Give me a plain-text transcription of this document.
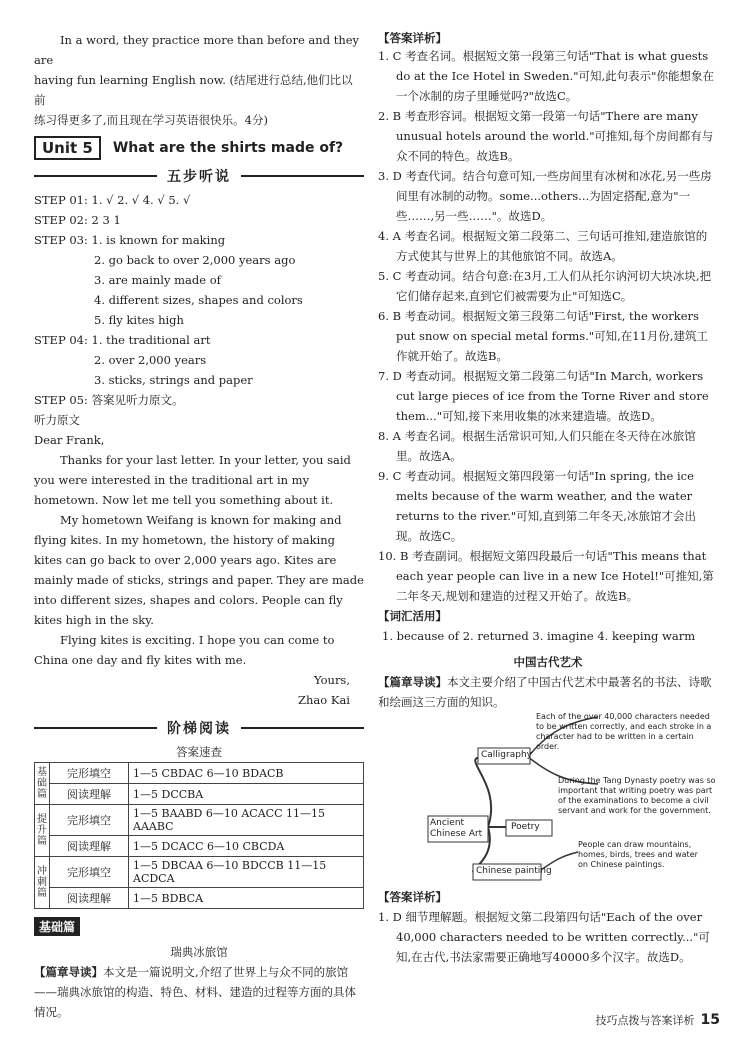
In a word, they practice more than before and they are

having fun learning English now. (结尾进行总结,他们比以前

练习得更多了,而且现在学习英语很快乐。4分)

Unit 5	What are the shirts made of?
五步听说

STEP 01: 1. √ 2. √ 4. √ 5. √

STEP 02: 2 3 1

STEP 03: 1. is known for making

2. go back to over 2,000 years ago

3. are mainly made of

4. different sizes, shapes and colors

5. fly kites high

STEP 04: 1. the traditional art

2. over 2,000 years

3. sticks, strings and paper

STEP 05: 答案见听力原文。

听力原文

Dear Frank,

Thanks for your last letter. In your letter, you said you were interested in the traditional art in my hometown. Now let me tell you something about it.

My hometown Weifang is known for making and flying kites. In my hometown, the history of making kites can go back to over 2,000 years ago. Kites are mainly made of sticks, strings and paper. They are made into different sizes, shapes and colors. People can fly kites high in the sky.

Flying kites is exciting. I hope you can come to China one day and fly kites with me.

Yours,

Zhao Kai

阶梯阅读

答案速查

基础篇	完形填空	1—5 CBDAC 6—10 BDACB
	阅读理解	1—5 DCCBA
提升篇	完形填空	1—5 BAABD 6—10 ACACC 11—15 AAABC
	阅读理解	1—5 DCACC 6—10 CBCDA
冲刺篇	完形填空	1—5 DBCAA 6—10 BDCCB 11—15 ACDCA
	阅读理解	1—5 BDBCA

基础篇

瑞典冰旅馆

【篇章导读】本文是一篇说明文,介绍了世界上与众不同的旅馆——瑞典冰旅馆的构造、特色、材料、建造的过程等方面的具体情况。

【答案详析】

1. C 考查名词。根据短文第一段第三句话"That is what guests do at the Ice Hotel in Sweden."可知,此句表示"你能想象在一个冰制的房子里睡觉吗?"故选C。

2. B 考查形容词。根据短文第一段第一句话"There are many unusual hotels around the world."可推知,每个房间都有与众不同的特色。故选B。

3. D 考查代词。结合句意可知,一些房间里有冰树和冰花,另一些房间里有冰制的动物。some...others...为固定搭配,意为"一些……,另一些……"。故选D。

4. A 考查名词。根据短文第二段第二、三句话可推知,建造旅馆的方式使其与世界上的其他旅馆不同。故选A。

5. C 考查动词。结合句意:在3月,工人们从托尔讷河切大块冰块,把它们储存起来,直到它们被需要为止"可知选C。

6. B 考查动词。根据短文第三段第二句话"First, the workers put snow on special metal forms."可知,在11月份,建筑工作就开始了。故选B。

7. D 考查动词。根据短文第二段第二句话"In March, workers cut large pieces of ice from the Torne River and store them..."可知,接下来用收集的冰来建造墙。故选D。

8. A 考查名词。根据生活常识可知,人们只能在冬天待在冰旅馆里。故选A。

9. C 考查动词。根据短文第四段第一句话"In spring, the ice melts because of the warm weather, and the water returns to the river."可知,直到第二年冬天,冰旅馆才会出现。故选C。

10. B 考查副词。根据短文第四段最后一句话"This means that each year people can live in a new Ice Hotel!"可推知,第二年冬天,规划和建造的过程又开始了。故选B。

【词汇活用】

1. because of 2. returned 3. imagine 4. keeping warm

中国古代艺术

【篇章导读】本文主要介绍了中国古代艺术中最著名的书法、诗歌和绘画这三方面的知识。

Ancient Chinese Art
Calligraphy
Poetry
Chinese painting
Each of the over 40,000 characters needed to be written correctly, and each stroke in a character had to be written in a certain order.
During the Tang Dynasty poetry was so important that writing poetry was part of the examinations to become a civil servant and work for the government.
People can draw mountains, homes, birds, trees and water on Chinese paintings.

【答案详析】

1. D 细节理解题。根据短文第二段第四句话"Each of the over 40,000 characters needed to be written correctly..."可知,在古代,书法家需要正确地写40000多个汉字。故选D。

技巧点拨与答案详析 15
